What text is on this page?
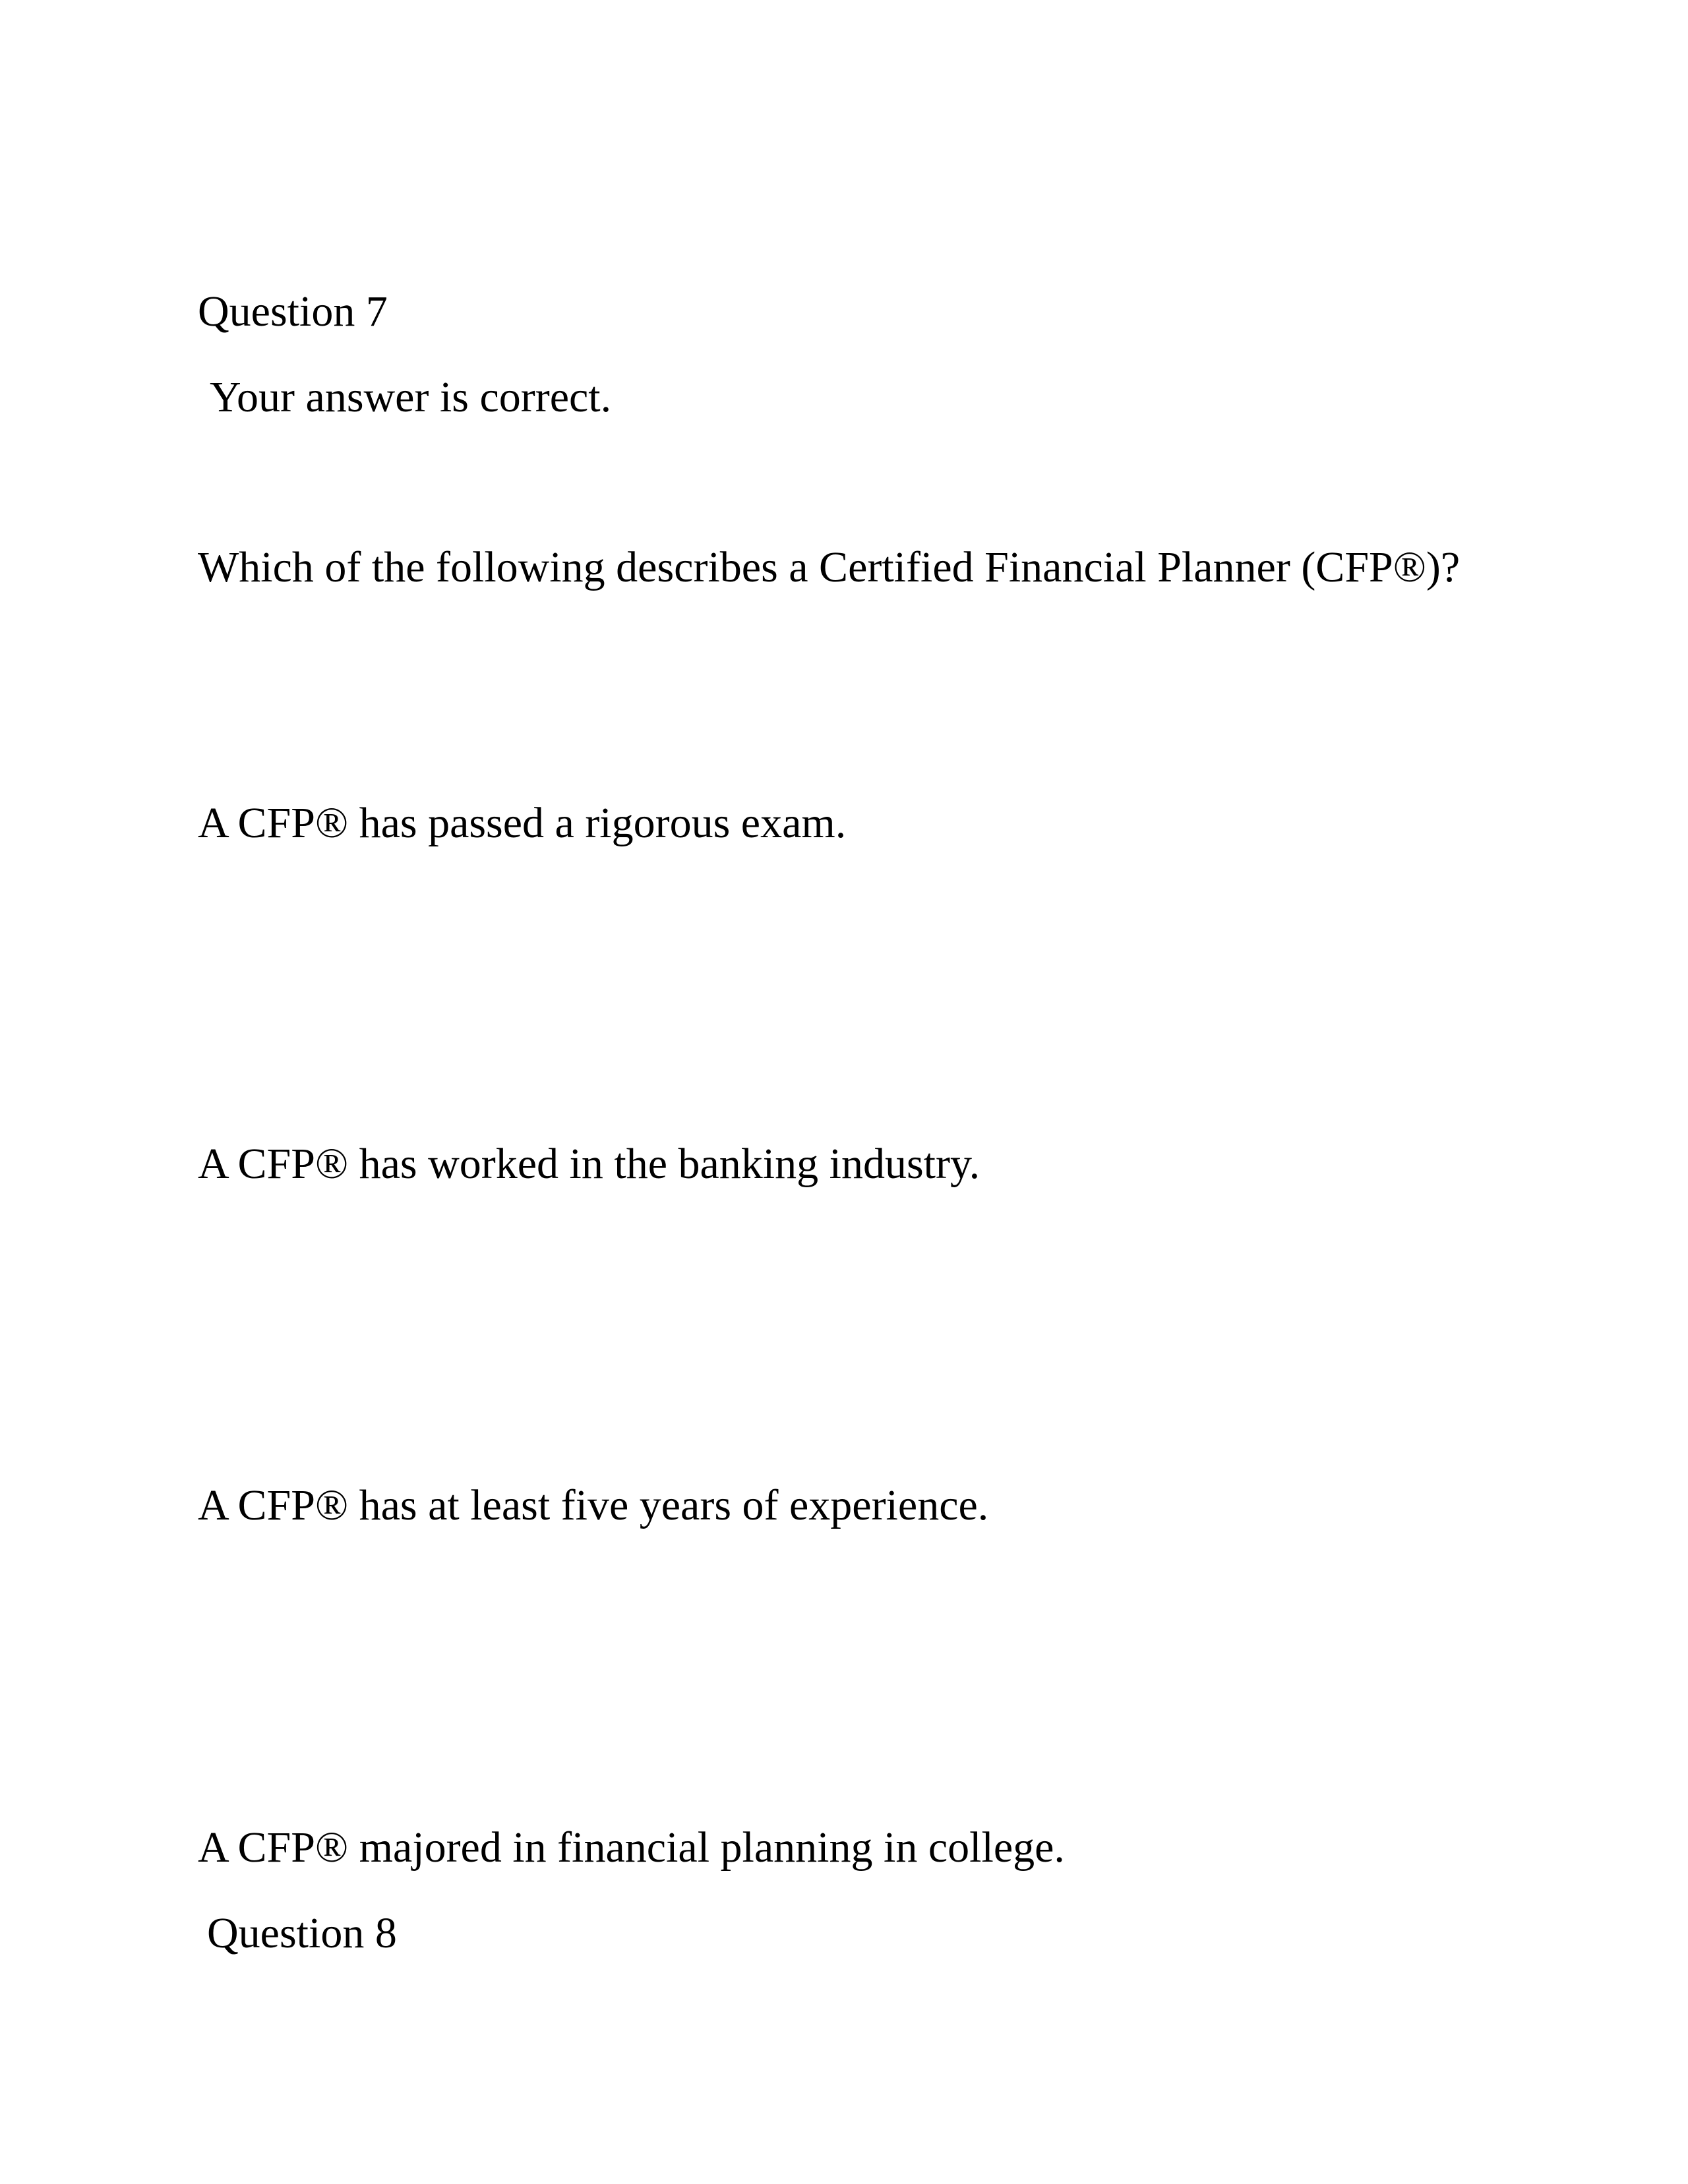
Question 7

Your answer is correct.

Which of the following describes a Certified Financial Planner (CFP®)?

A CFP® has passed a rigorous exam.

A CFP® has worked in the banking industry.

A CFP® has at least five years of experience.

A CFP® majored in financial planning in college.

Question 8
